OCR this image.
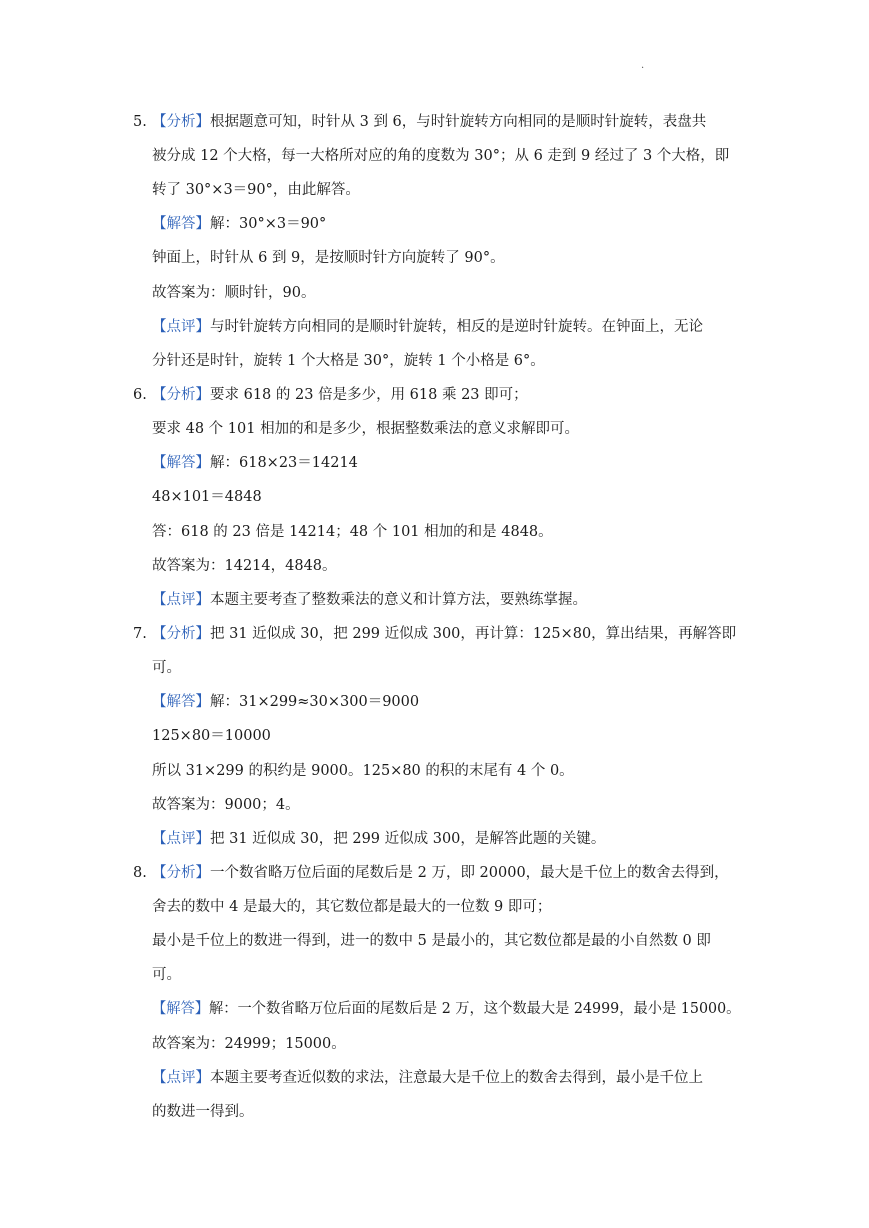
.
5. 【分析】根据题意可知，时针从 3 到 6，与时针旋转方向相同的是顺时针旋转，表盘共
被分成 12 个大格，每一大格所对应的角的度数为 30°；从 6 走到 9 经过了 3 个大格，即
转了 30°×3＝90°，由此解答。
【解答】解：30°×3＝90°
钟面上，时针从 6 到 9，是按顺时针方向旋转了 90°。
故答案为：顺时针，90。
【点评】与时针旋转方向相同的是顺时针旋转，相反的是逆时针旋转。在钟面上，无论
分针还是时针，旋转 1 个大格是 30°，旋转 1 个小格是 6°。
6. 【分析】要求 618 的 23 倍是多少，用 618 乘 23 即可；
要求 48 个 101 相加的和是多少，根据整数乘法的意义求解即可。
【解答】解：618×23＝14214
48×101＝4848
答：618 的 23 倍是 14214；48 个 101 相加的和是 4848。
故答案为：14214，4848。
【点评】本题主要考查了整数乘法的意义和计算方法，要熟练掌握。
7. 【分析】把 31 近似成 30，把 299 近似成 300，再计算：125×80，算出结果，再解答即
可。
【解答】解：31×299≈30×300＝9000
125×80＝10000
所以 31×299 的积约是 9000。125×80 的积的末尾有 4 个 0。
故答案为：9000；4。
【点评】把 31 近似成 30，把 299 近似成 300，是解答此题的关键。
8. 【分析】一个数省略万位后面的尾数后是 2 万，即 20000，最大是千位上的数舍去得到，
舍去的数中 4 是最大的，其它数位都是最大的一位数 9 即可；
最小是千位上的数进一得到，进一的数中 5 是最小的，其它数位都是最的小自然数 0 即
可。
【解答】解：一个数省略万位后面的尾数后是 2 万，这个数最大是 24999，最小是 15000。
故答案为：24999；15000。
【点评】本题主要考查近似数的求法，注意最大是千位上的数舍去得到，最小是千位上
的数进一得到。
